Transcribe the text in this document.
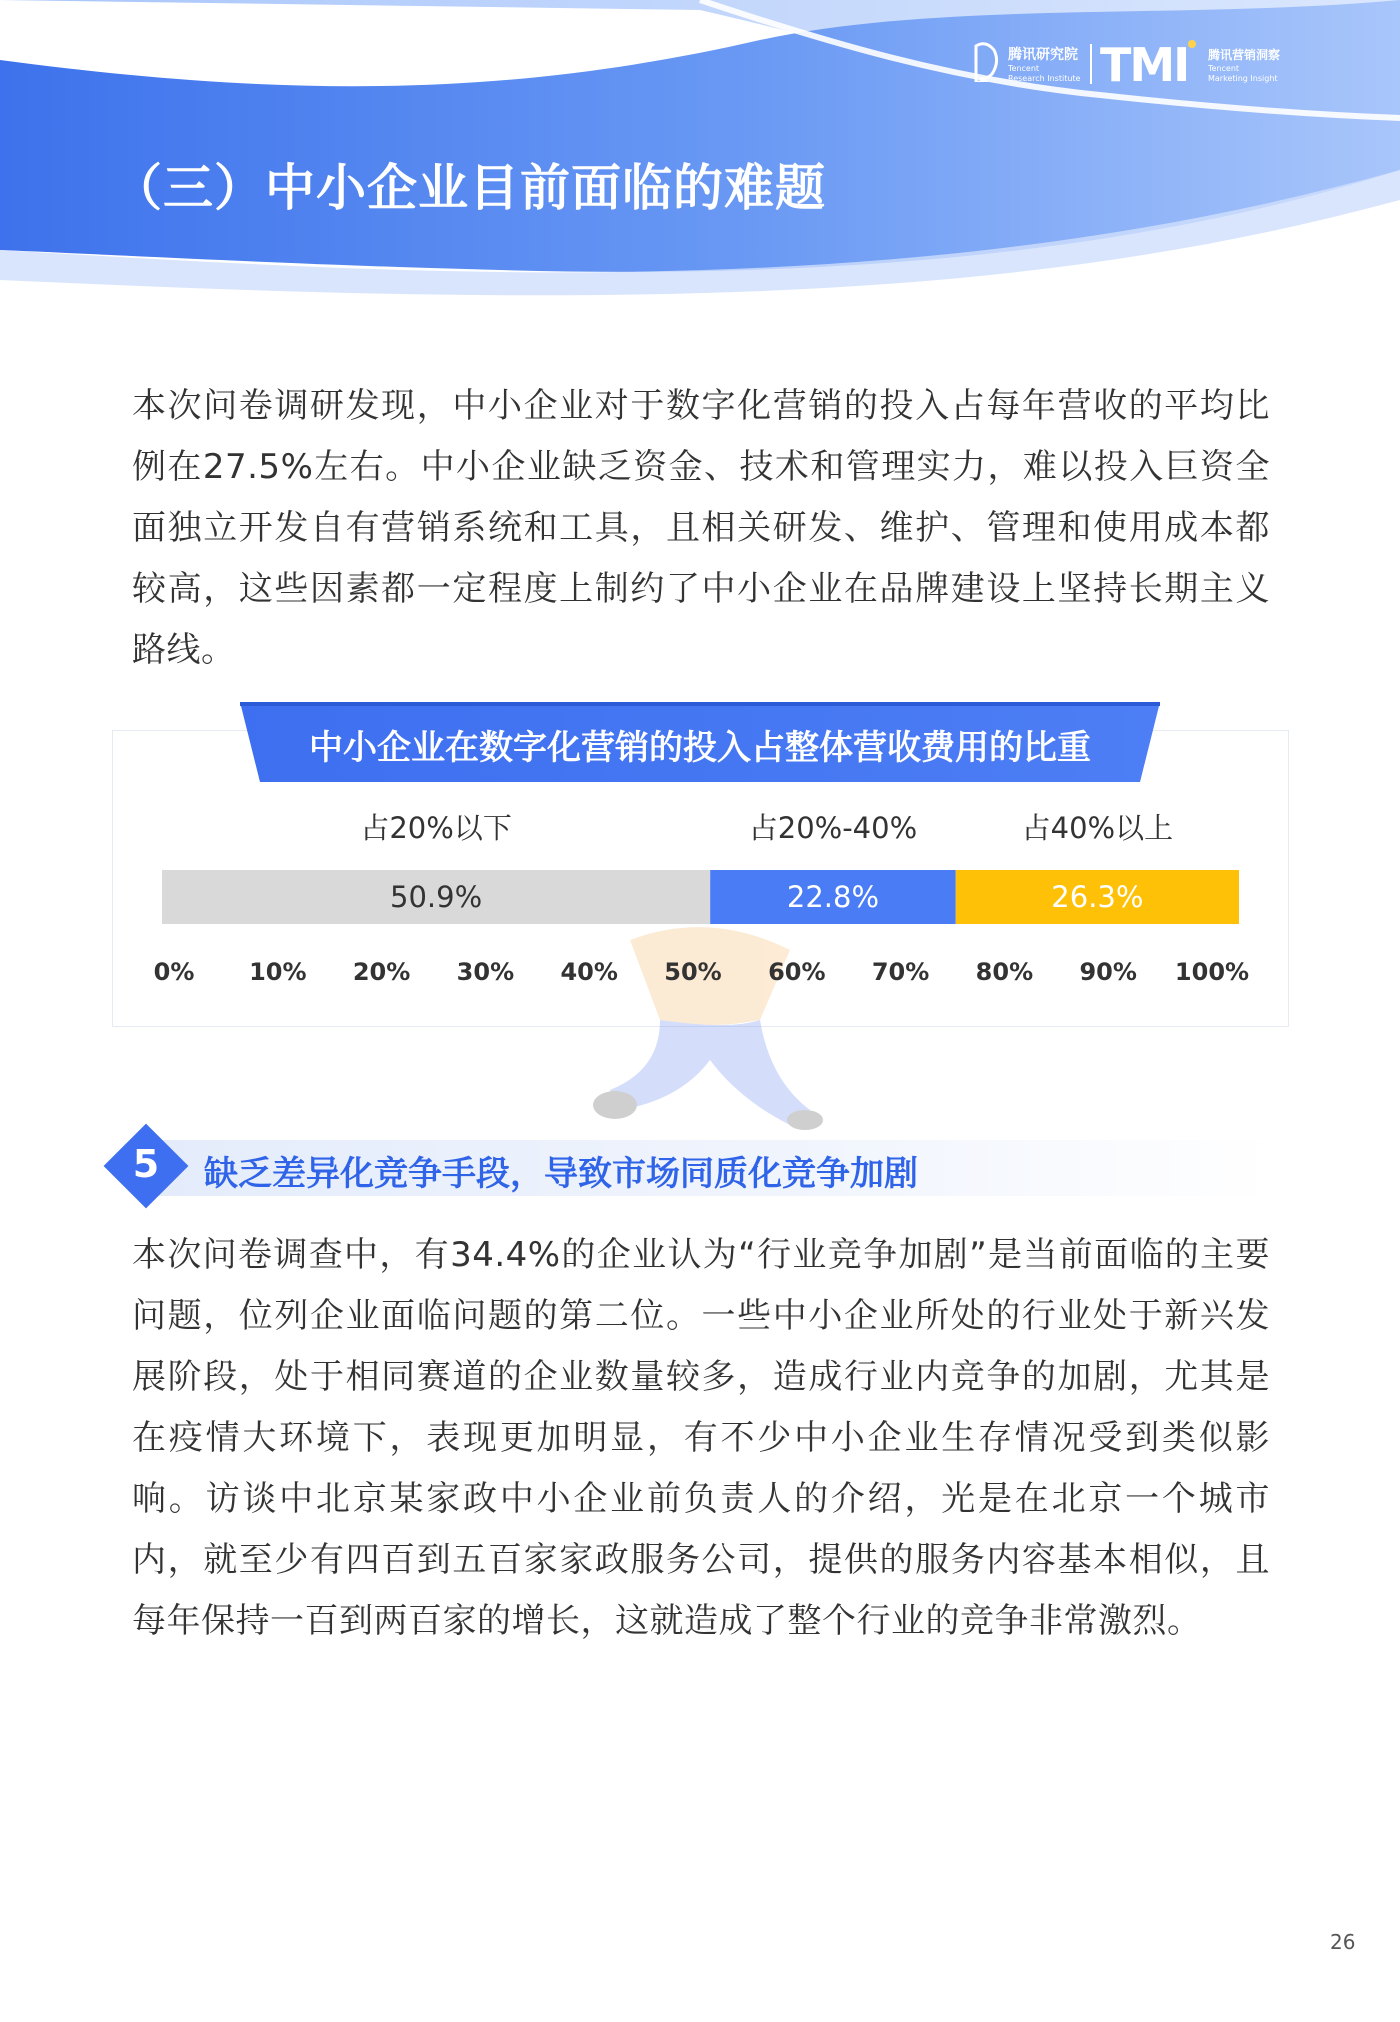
（三）中小企业目前面临的难题
腾讯研究院
Tencent
Research Institute TMI 腾讯营销洞察
Tencent
Marketing Insight

本次问卷调研发现，中小企业对于数字化营销的投入占每年营收的平均比例在27.5%左右。中小企业缺乏资金、技术和管理实力，难以投入巨资全面独立开发自有营销系统和工具，且相关研发、维护、管理和使用成本都较高，这些因素都一定程度上制约了中小企业在品牌建设上坚持长期主义路线。

中小企业在数字化营销的投入占整体营收费用的比重
占20%以下	占20%-40%	占40%以上
50.9%	22.8%	26.3%
0% 10% 20% 30% 40% 50% 60% 70% 80% 90% 100%
5	缺乏差异化竞争手段，导致市场同质化竞争加剧

本次问卷调查中，有34.4%的企业认为“行业竞争加剧”是当前面临的主要问题，位列企业面临问题的第二位。一些中小企业所处的行业处于新兴发展阶段，处于相同赛道的企业数量较多，造成行业内竞争的加剧，尤其是在疫情大环境下，表现更加明显，有不少中小企业生存情况受到类似影响。访谈中北京某家政中小企业前负责人的介绍，光是在北京一个城市内，就至少有四百到五百家家政服务公司，提供的服务内容基本相似，且每年保持一百到两百家的增长，这就造成了整个行业的竞争非常激烈。

26
